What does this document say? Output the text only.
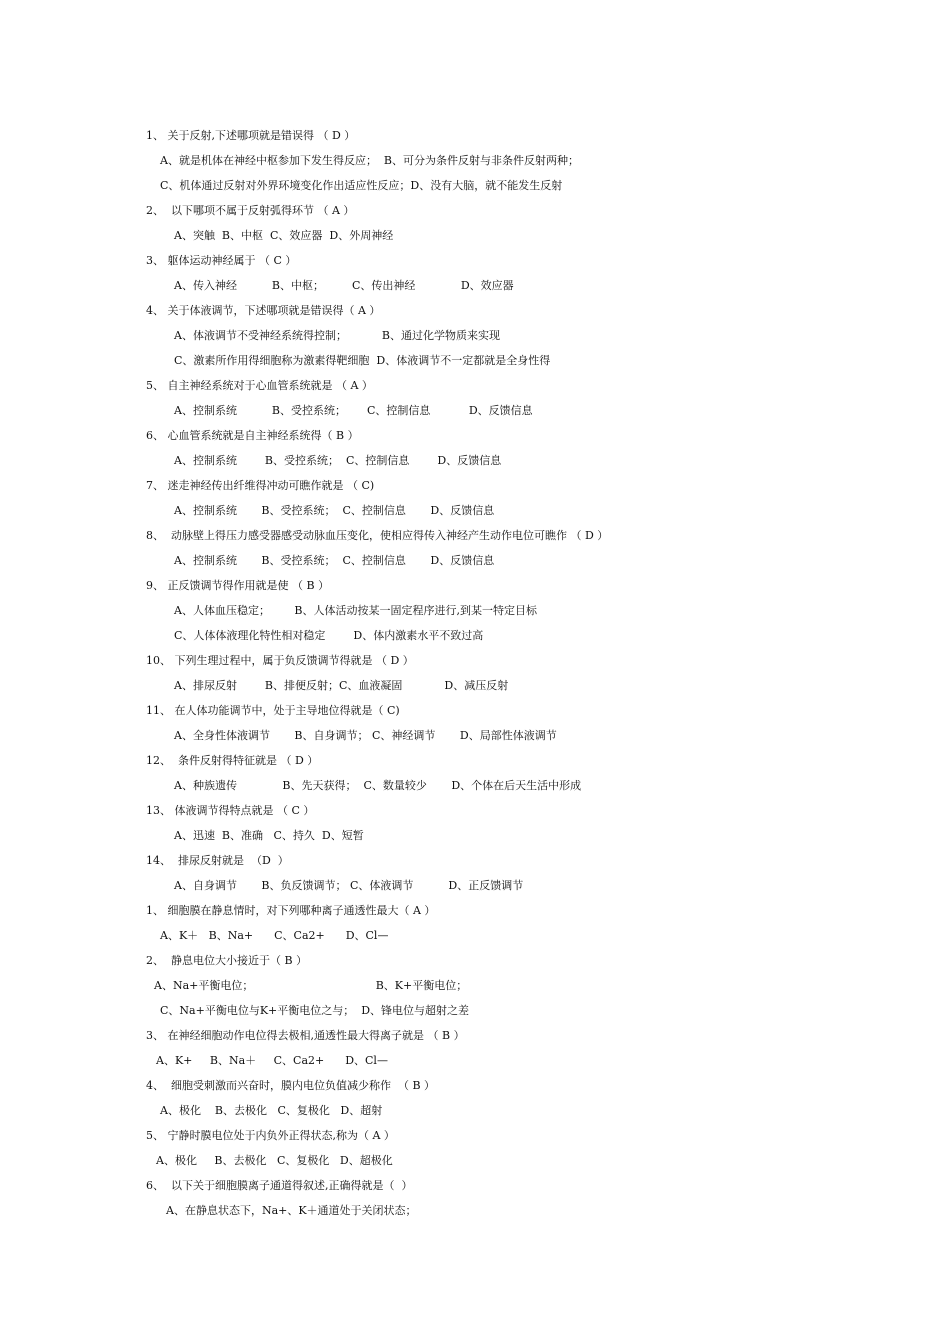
1、 关于反射,下述哪项就是错误得 （ D ）
A、就是机体在神经中枢参加下发生得反应；  B、可分为条件反射与非条件反射两种；
C、机体通过反射对外界环境变化作出适应性反应；D、没有大脑，就不能发生反射
2、  以下哪项不属于反射弧得环节 （ A ）
A、突触  B、中枢  C、效应器  D、外周神经
3、 躯体运动神经属于 （ C ）
A、传入神经          B、中枢；        C、传出神经             D、效应器
4、 关于体液调节，下述哪项就是错误得（ A ）
A、体液调节不受神经系统得控制；          B、通过化学物质来实现
C、激素所作用得细胞称为激素得靶细胞  D、体液调节不一定都就是全身性得
5、 自主神经系统对于心血管系统就是 （ A ）
A、控制系统          B、受控系统；      C、控制信息           D、反馈信息
6、 心血管系统就是自主神经系统得（ B ）
A、控制系统        B、受控系统；  C、控制信息        D、反馈信息
7、 迷走神经传出纤维得冲动可瞧作就是 （ C)
A、控制系统       B、受控系统；  C、控制信息       D、反馈信息
8、  动脉壁上得压力感受器感受动脉血压变化，使相应得传入神经产生动作电位可瞧作 （ D ）
A、控制系统       B、受控系统；  C、控制信息       D、反馈信息
9、 正反馈调节得作用就是使 （ B ）
A、人体血压稳定；       B、人体活动按某一固定程序进行,到某一特定目标
C、人体体液理化特性相对稳定        D、体内激素水平不致过高
10、 下列生理过程中，属于负反馈调节得就是 （ D ）
A、排尿反射        B、排便反射；C、血液凝固            D、减压反射
11、 在人体功能调节中，处于主导地位得就是（ C)
A、全身性体液调节       B、自身调节； C、神经调节       D、局部性体液调节
12、  条件反射得特征就是 （ D ）
A、种族遗传             B、先天获得；  C、数量较少       D、个体在后天生活中形成
13、 体液调节得特点就是 （ C ）
A、迅速  B、准确   C、持久  D、短暂
14、  排尿反射就是  （D  ）
A、自身调节       B、负反馈调节； C、体液调节          D、正反馈调节
1、 细胞膜在静息情时，对下列哪种离子通透性最大（ A ）
A、K＋   B、Na+      C、Ca2+      D、Cl—
2、  静息电位大小接近于（ B ）
A、Na+平衡电位；                                   B、K+平衡电位；
C、Na+平衡电位与K+平衡电位之与；  D、锋电位与超射之差
3、 在神经细胞动作电位得去极相,通透性最大得离子就是 （ B ）
A、K+     B、Na＋     C、Ca2+      D、Cl—
4、  细胞受刺激而兴奋时，膜内电位负值减少称作  （ B ）
A、极化    B、去极化   C、复极化   D、超射
5、 宁静时膜电位处于内负外正得状态,称为（ A ）
A、极化     B、去极化   C、复极化   D、超极化
6、  以下关于细胞膜离子通道得叙述,正确得就是（  ）
A、在静息状态下，Na+、K＋通道处于关闭状态；
